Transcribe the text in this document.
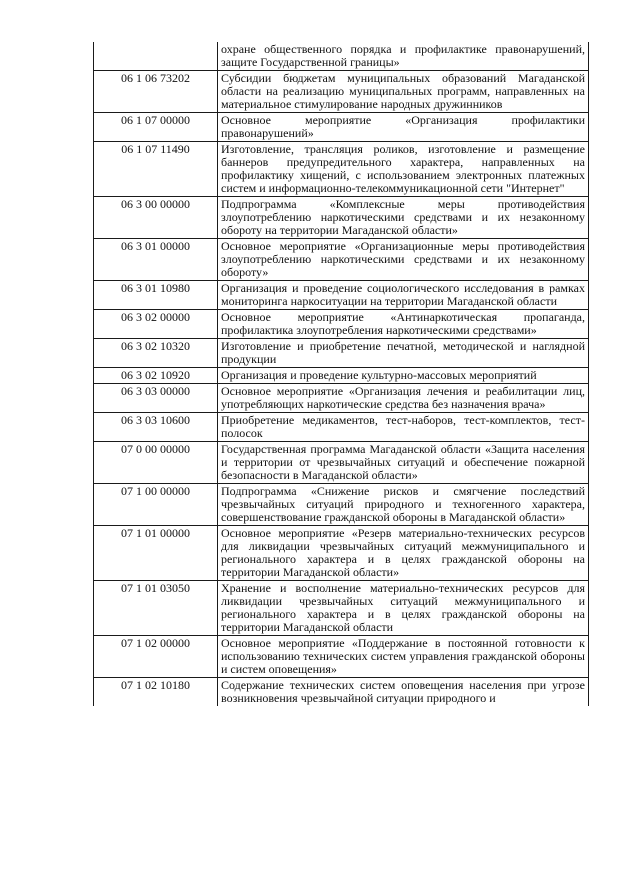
	охране общественного порядка и профилактике правонарушений, защите Государственной границы»
06 1 06 73202	Субсидии бюджетам муниципальных образований Магаданской области на реализацию муниципальных программ, направленных на материальное стимулирование народных дружинников
06 1 07 00000	Основное мероприятие «Организация профилактики правонарушений»
06 1 07 11490	Изготовление, трансляция роликов, изготовление и размещение баннеров предупредительного характера, направленных на профилактику хищений, с использованием электронных платежных систем и информационно-телекоммуникационной сети "Интернет"
06 3 00 00000	Подпрограмма «Комплексные меры противодействия злоупотреблению наркотическими средствами и их незаконному обороту на территории Магаданской области»
06 3 01 00000	Основное мероприятие «Организационные меры противодействия злоупотреблению наркотическими средствами и их незаконному обороту»
06 3 01 10980	Организация и проведение социологического исследования в рамках мониторинга наркоситуации на территории Магаданской области
06 3 02 00000	Основное мероприятие «Антинаркотическая пропаганда, профилактика злоупотребления наркотическими средствами»
06 3 02 10320	Изготовление и приобретение печатной, методической и наглядной продукции
06 3 02 10920	Организация и проведение культурно-массовых мероприятий
06 3 03 00000	Основное мероприятие «Организация лечения и реабилитации лиц, употребляющих наркотические средства без назначения врача»
06 3 03 10600	Приобретение медикаментов, тест-наборов, тест-комплектов, тест-полосок
07 0 00 00000	Государственная программа Магаданской области «Защита населения и территории от чрезвычайных ситуаций и обеспечение пожарной безопасности в Магаданской области»
07 1 00 00000	Подпрограмма «Снижение рисков и смягчение последствий чрезвычайных ситуаций природного и техногенного характера, совершенствование гражданской обороны в Магаданской области»
07 1 01 00000	Основное мероприятие «Резерв материально-технических ресурсов для ликвидации чрезвычайных ситуаций межмуниципального и регионального характера и в целях гражданской обороны на территории Магаданской области»
07 1 01 03050	Хранение и восполнение материально-технических ресурсов для ликвидации чрезвычайных ситуаций межмуниципального и регионального характера и в целях гражданской обороны на территории Магаданской области
07 1 02 00000	Основное мероприятие «Поддержание в постоянной готовности к использованию технических систем управления гражданской обороны и систем оповещения»
07 1 02 10180	Содержание технических систем оповещения населения при угрозе возникновения чрезвычайной ситуации природного и
